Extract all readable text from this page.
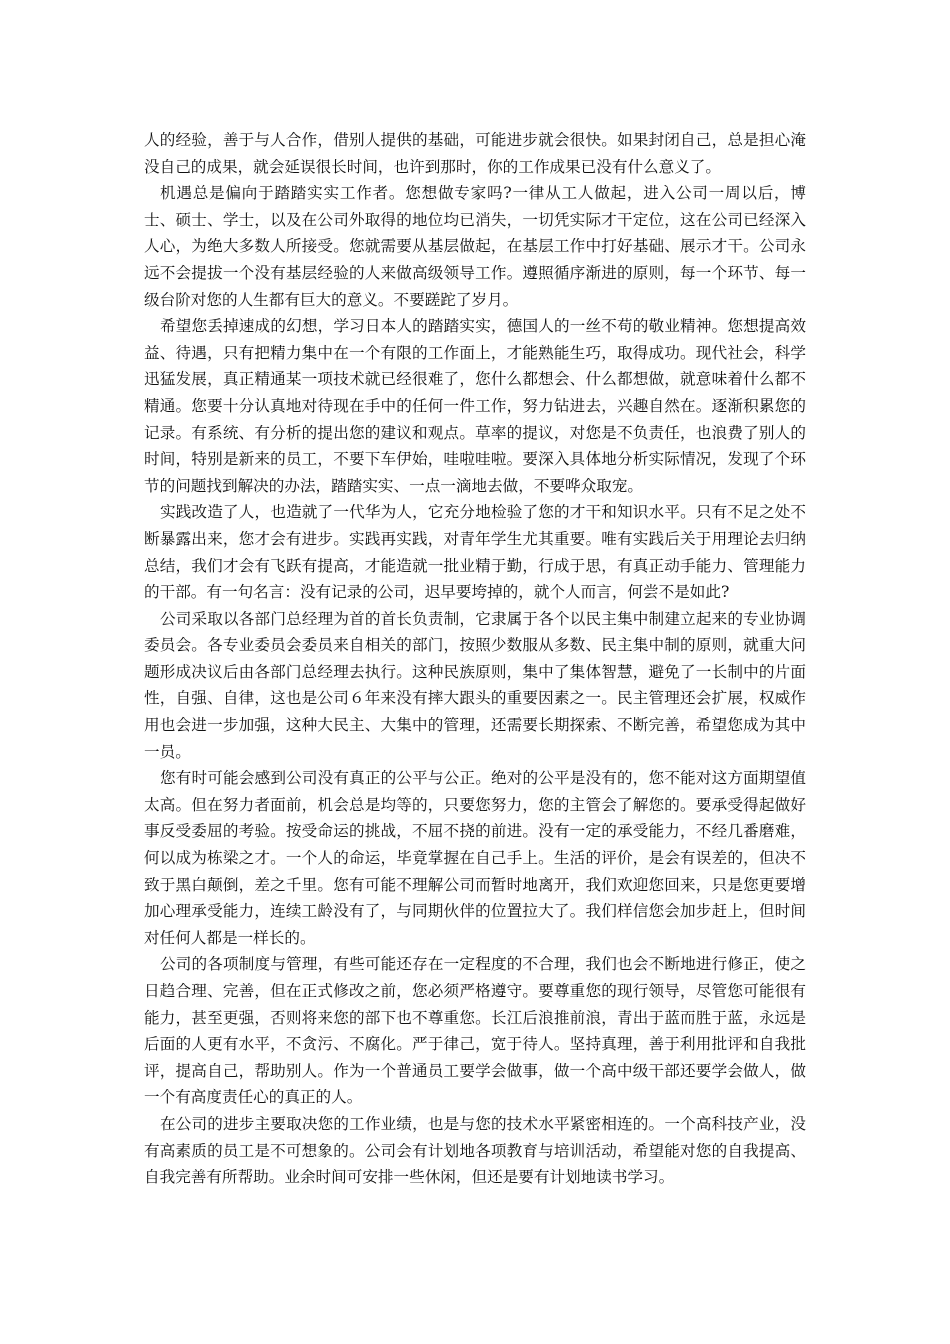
人的经验，善于与人合作，借别人提供的基础，可能进步就会很快。如果封闭自己，总是担心淹没自己的成果，就会延误很长时间，也许到那时，你的工作成果已没有什么意义了。

机遇总是偏向于踏踏实实工作者。您想做专家吗?一律从工人做起，进入公司一周以后，博士、硕士、学士，以及在公司外取得的地位均已消失，一切凭实际才干定位，这在公司已经深入人心，为绝大多数人所接受。您就需要从基层做起，在基层工作中打好基础、展示才干。公司永远不会提拔一个没有基层经验的人来做高级领导工作。遵照循序渐进的原则，每一个环节、每一级台阶对您的人生都有巨大的意义。不要蹉跎了岁月。

希望您丢掉速成的幻想，学习日本人的踏踏实实，德国人的一丝不苟的敬业精神。您想提高效益、待遇，只有把精力集中在一个有限的工作面上，才能熟能生巧，取得成功。现代社会，科学迅猛发展，真正精通某一项技术就已经很难了，您什么都想会、什么都想做，就意味着什么都不精通。您要十分认真地对待现在手中的任何一件工作，努力钻进去，兴趣自然在。逐渐积累您的记录。有系统、有分析的提出您的建议和观点。草率的提议，对您是不负责任，也浪费了别人的时间，特别是新来的员工，不要下车伊始，哇啦哇啦。要深入具体地分析实际情况，发现了个环节的问题找到解决的办法，踏踏实实、一点一滴地去做，不要哗众取宠。

实践改造了人，也造就了一代华为人，它充分地检验了您的才干和知识水平。只有不足之处不断暴露出来，您才会有进步。实践再实践，对青年学生尤其重要。唯有实践后关于用理论去归纳总结，我们才会有飞跃有提高，才能造就一批业精于勤，行成于思，有真正动手能力、管理能力的干部。有一句名言：没有记录的公司，迟早要垮掉的，就个人而言，何尝不是如此?

公司采取以各部门总经理为首的首长负责制，它隶属于各个以民主集中制建立起来的专业协调委员会。各专业委员会委员来自相关的部门，按照少数服从多数、民主集中制的原则，就重大问题形成决议后由各部门总经理去执行。这种民族原则，集中了集体智慧，避免了一长制中的片面性，自强、自律，这也是公司６年来没有摔大跟头的重要因素之一。民主管理还会扩展，权威作用也会进一步加强，这种大民主、大集中的管理，还需要长期探索、不断完善，希望您成为其中一员。

您有时可能会感到公司没有真正的公平与公正。绝对的公平是没有的，您不能对这方面期望值太高。但在努力者面前，机会总是均等的，只要您努力，您的主管会了解您的。要承受得起做好事反受委屈的考验。按受命运的挑战，不屈不挠的前进。没有一定的承受能力，不经几番磨难，何以成为栋梁之才。一个人的命运，毕竟掌握在自己手上。生活的评价，是会有误差的，但决不致于黑白颠倒，差之千里。您有可能不理解公司而暂时地离开，我们欢迎您回来，只是您更要增加心理承受能力，连续工龄没有了，与同期伙伴的位置拉大了。我们样信您会加步赶上，但时间对任何人都是一样长的。

公司的各项制度与管理，有些可能还存在一定程度的不合理，我们也会不断地进行修正，使之日趋合理、完善，但在正式修改之前，您必须严格遵守。要尊重您的现行领导，尽管您可能很有能力，甚至更强，否则将来您的部下也不尊重您。长江后浪推前浪，青出于蓝而胜于蓝，永远是后面的人更有水平，不贪污、不腐化。严于律己，宽于待人。坚持真理，善于利用批评和自我批评，提高自己，帮助别人。作为一个普通员工要学会做事，做一个高中级干部还要学会做人，做一个有高度责任心的真正的人。

在公司的进步主要取决您的工作业绩，也是与您的技术水平紧密相连的。一个高科技产业，没有高素质的员工是不可想象的。公司会有计划地各项教育与培训活动，希望能对您的自我提高、自我完善有所帮助。业余时间可安排一些休闲，但还是要有计划地读书学习。
